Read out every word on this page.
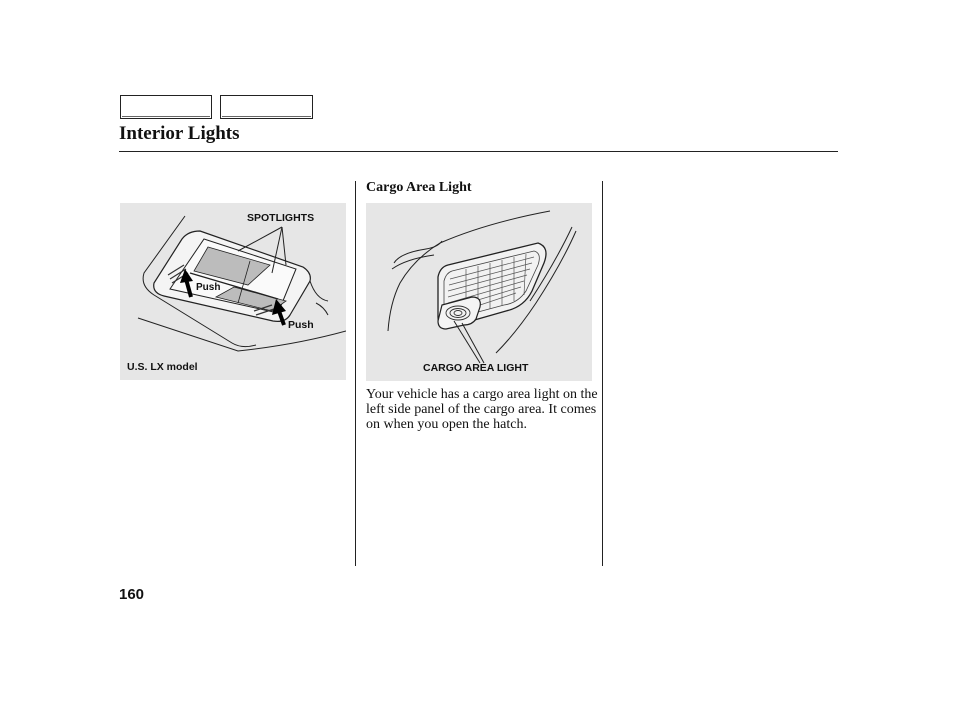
Interior Lights
SPOTLIGHTS
Push
Push
U.S. LX model
Cargo Area Light
CARGO AREA LIGHT

Your vehicle has a cargo area light on the left side panel of the cargo area. It comes on when you open the hatch.

160
